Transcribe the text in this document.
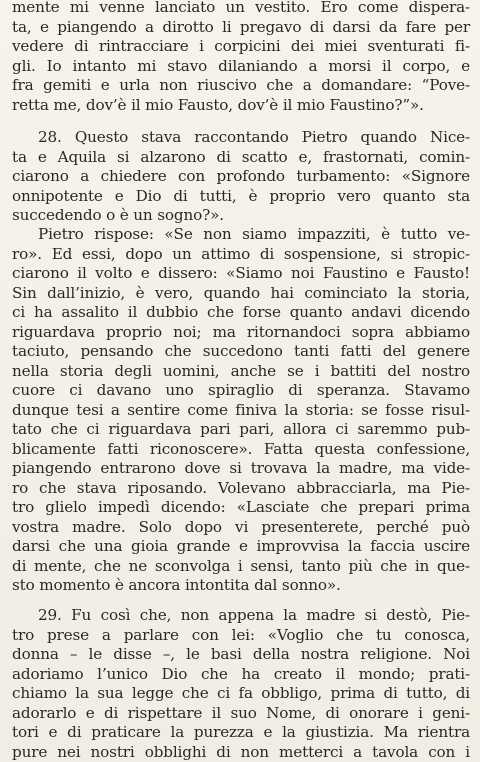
mente mi venne lanciato un vestito. Ero come dispera-
ta, e piangendo a dirotto li pregavo di darsi da fare per
vedere di rintracciare i corpicini dei miei sventurati fi-
gli. Io intanto mi stavo dilaniando a morsi il corpo, e
fra gemiti e urla non riuscivo che a domandare: “Pove-
retta me, dov’è il mio Fausto, dov’è il mio Faustino?”».
28. Questo stava raccontando Pietro quando Nice-
ta e Aquila si alzarono di scatto e, frastornati, comin-
ciarono a chiedere con profondo turbamento: «Signore
onnipotente e Dio di tutti, è proprio vero quanto sta
succedendo o è un sogno?».
Pietro rispose: «Se non siamo impazziti, è tutto ve-
ro». Ed essi, dopo un attimo di sospensione, si stropic-
ciarono il volto e dissero: «Siamo noi Faustino e Fausto!
Sin dall’inizio, è vero, quando hai cominciato la storia,
ci ha assalito il dubbio che forse quanto andavi dicendo
riguardava proprio noi; ma ritornandoci sopra abbiamo
taciuto, pensando che succedono tanti fatti del genere
nella storia degli uomini, anche se i battiti del nostro
cuore ci davano uno spiraglio di speranza. Stavamo
dunque tesi a sentire come finiva la storia: se fosse risul-
tato che ci riguardava pari pari, allora ci saremmo pub-
blicamente fatti riconoscere». Fatta questa confessione,
piangendo entrarono dove si trovava la madre, ma vide-
ro che stava riposando. Volevano abbracciarla, ma Pie-
tro glielo impedì dicendo: «Lasciate che prepari prima
vostra madre. Solo dopo vi presenterete, perché può
darsi che una gioia grande e improvvisa la faccia uscire
di mente, che ne sconvolga i sensi, tanto più che in que-
sto momento è ancora intontita dal sonno».
29. Fu così che, non appena la madre si destò, Pie-
tro prese a parlare con lei: «Voglio che tu conosca,
donna – le disse –, le basi della nostra religione. Noi
adoriamo l’unico Dio che ha creato il mondo; prati-
chiamo la sua legge che ci fa obbligo, prima di tutto, di
adorarlo e di rispettare il suo Nome, di onorare i geni-
tori e di praticare la purezza e la giustizia. Ma rientra
pure nei nostri obblighi di non metterci a tavola con i
